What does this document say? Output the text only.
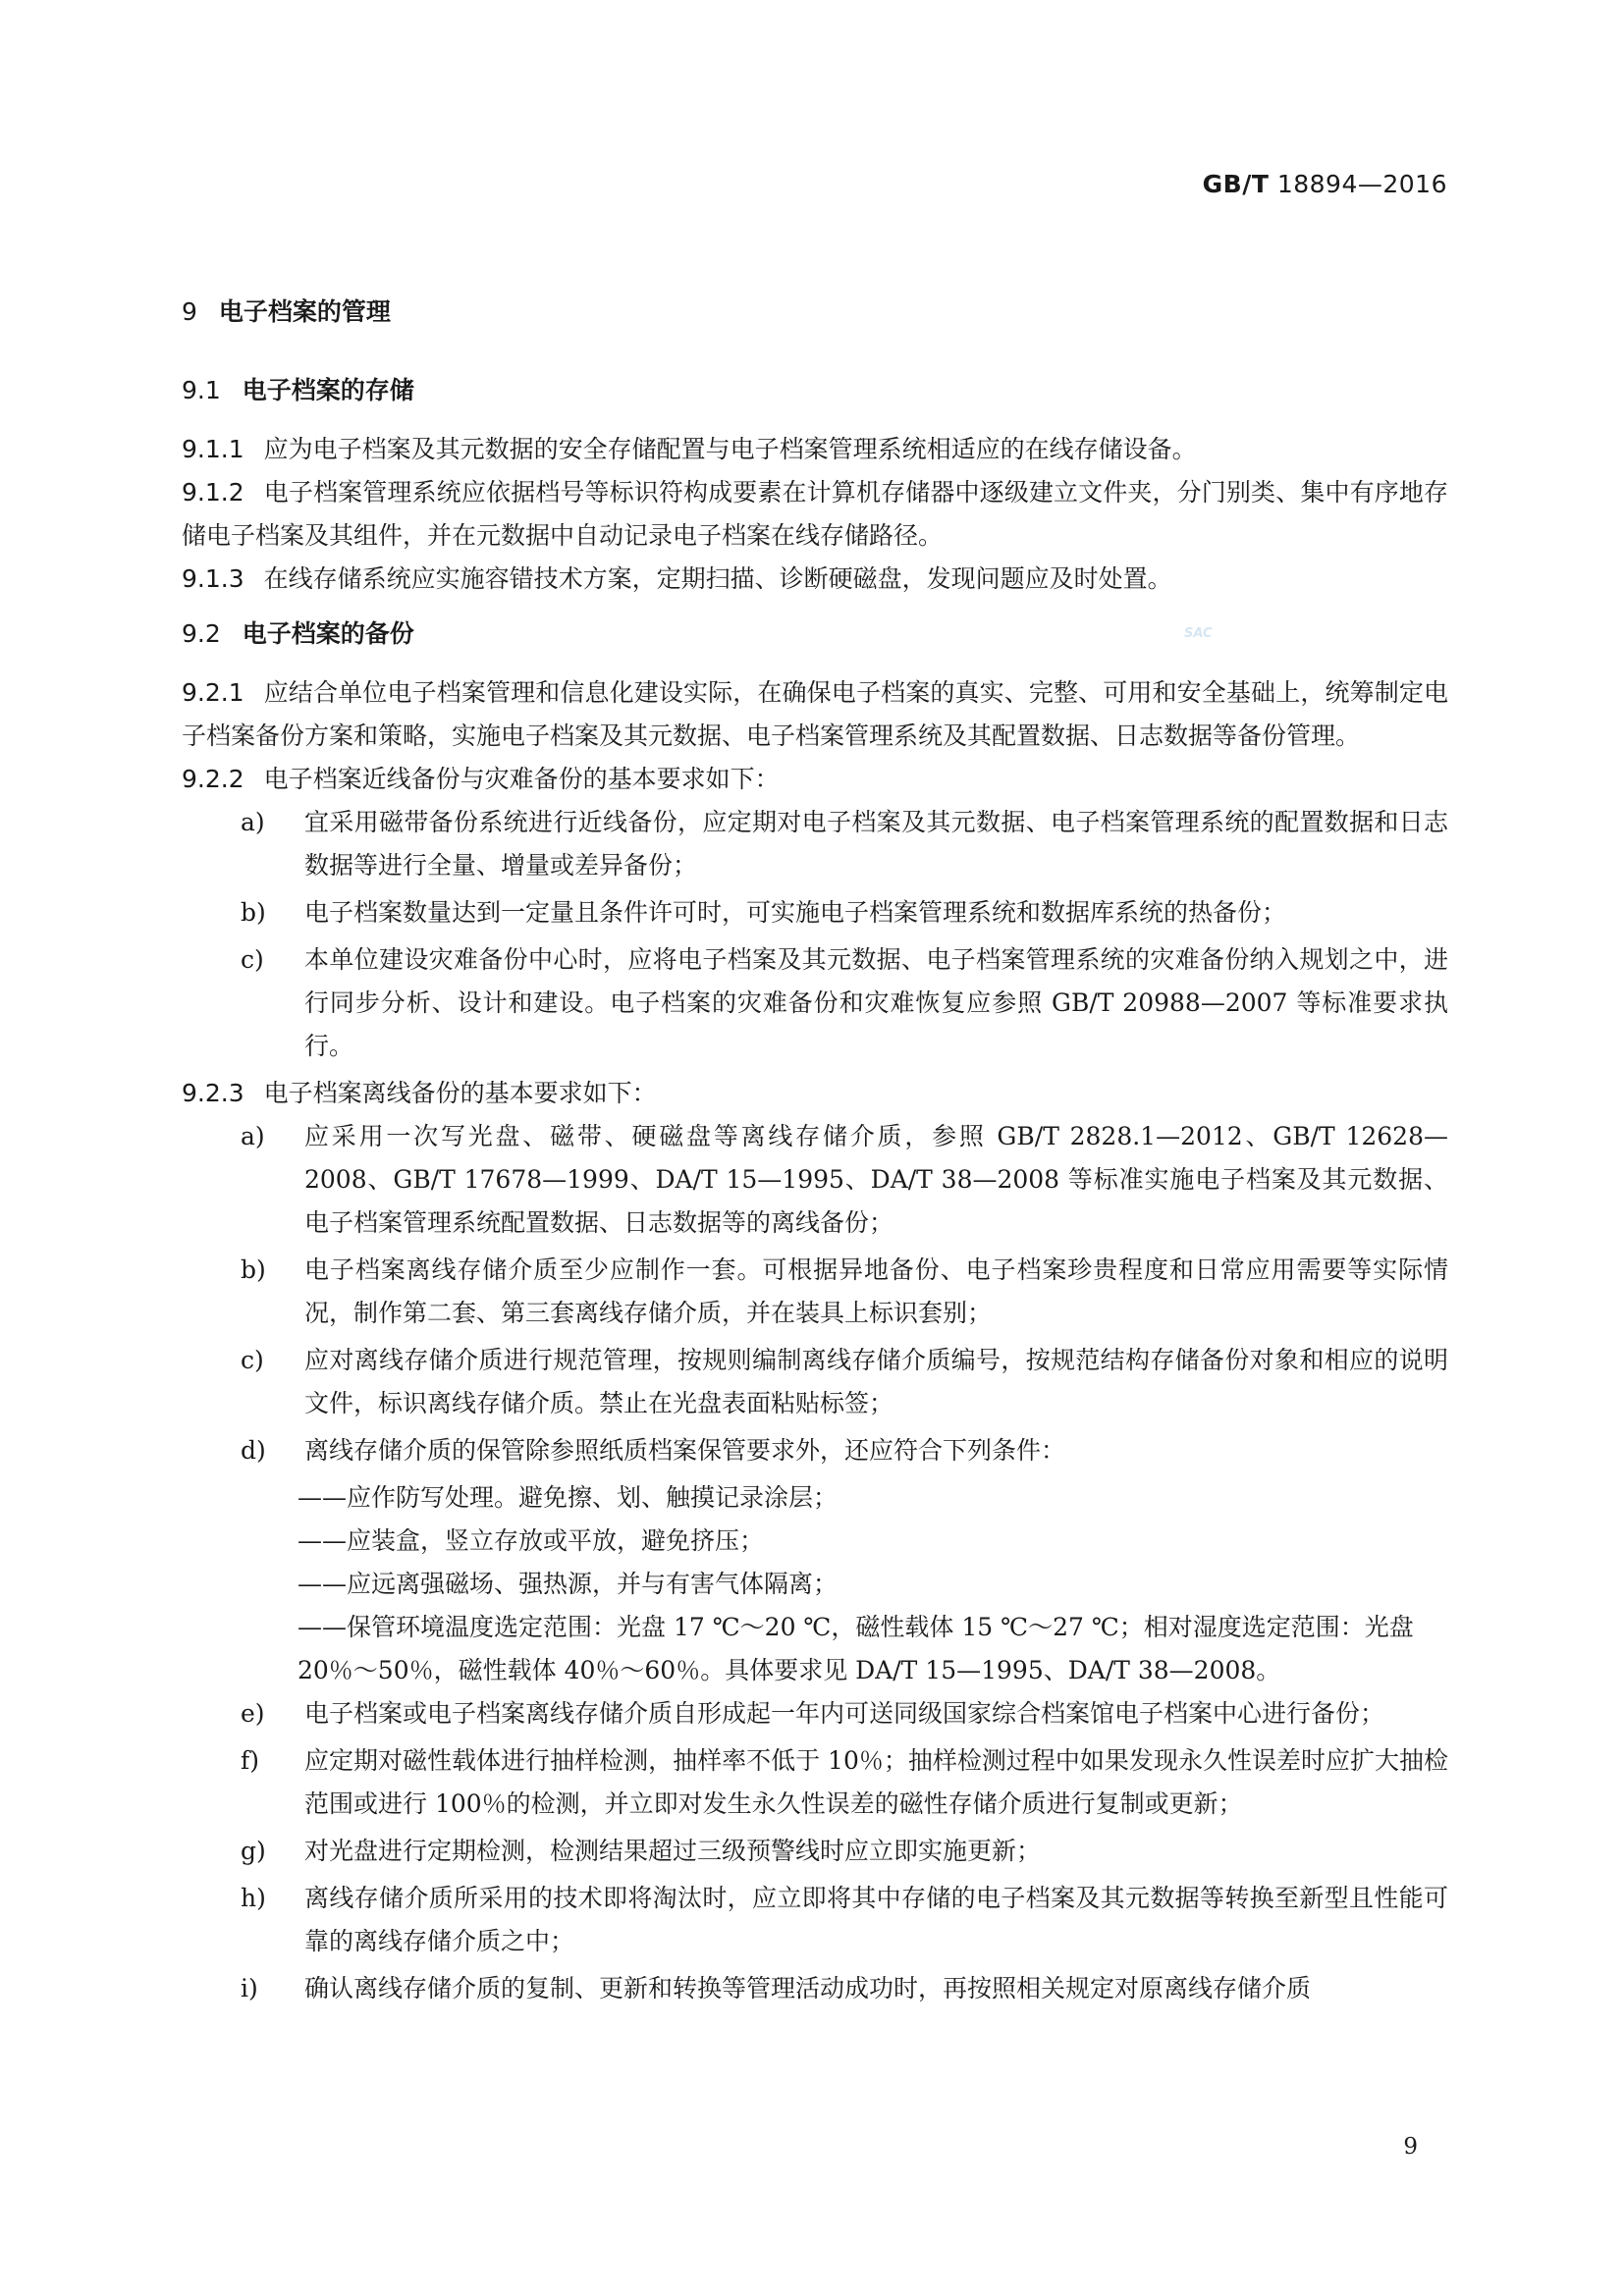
GB/T 18894—2016
SAC
9 电子档案的管理
9.1 电子档案的存储

9.1.1 应为电子档案及其元数据的安全存储配置与电子档案管理系统相适应的在线存储设备。

9.1.2 电子档案管理系统应依据档号等标识符构成要素在计算机存储器中逐级建立文件夹，分门别类、集中有序地存储电子档案及其组件，并在元数据中自动记录电子档案在线存储路径。

9.1.3 在线存储系统应实施容错技术方案，定期扫描、诊断硬磁盘，发现问题应及时处置。

9.2 电子档案的备份

9.2.1 应结合单位电子档案管理和信息化建设实际，在确保电子档案的真实、完整、可用和安全基础上，统筹制定电子档案备份方案和策略，实施电子档案及其元数据、电子档案管理系统及其配置数据、日志数据等备份管理。

9.2.2 电子档案近线备份与灾难备份的基本要求如下：

a)	宜采用磁带备份系统进行近线备份，应定期对电子档案及其元数据、电子档案管理系统的配置数据和日志数据等进行全量、增量或差异备份；
b)	电子档案数量达到一定量且条件许可时，可实施电子档案管理系统和数据库系统的热备份；
c)	本单位建设灾难备份中心时，应将电子档案及其元数据、电子档案管理系统的灾难备份纳入规划之中，进行同步分析、设计和建设。电子档案的灾难备份和灾难恢复应参照 GB/T 20988—2007 等标准要求执行。

9.2.3 电子档案离线备份的基本要求如下：

a)	应采用一次写光盘、磁带、硬磁盘等离线存储介质，参照 GB/T 2828.1—2012、GB/T 12628—2008、GB/T 17678—1999、DA/T 15—1995、DA/T 38—2008 等标准实施电子档案及其元数据、电子档案管理系统配置数据、日志数据等的离线备份；
b)	电子档案离线存储介质至少应制作一套。可根据异地备份、电子档案珍贵程度和日常应用需要等实际情况，制作第二套、第三套离线存储介质，并在装具上标识套别；
c)	应对离线存储介质进行规范管理，按规则编制离线存储介质编号，按规范结构存储备份对象和相应的说明文件，标识离线存储介质。禁止在光盘表面粘贴标签；
d)	离线存储介质的保管除参照纸质档案保管要求外，还应符合下列条件：

——应作防写处理。避免擦、划、触摸记录涂层；

——应装盒，竖立存放或平放，避免挤压；

——应远离强磁场、强热源，并与有害气体隔离；

——保管环境温度选定范围：光盘 17 ℃～20 ℃，磁性载体 15 ℃～27 ℃；相对湿度选定范围：光盘 20％～50％，磁性载体 40％～60％。具体要求见 DA/T 15—1995、DA/T 38—2008。

e)	电子档案或电子档案离线存储介质自形成起一年内可送同级国家综合档案馆电子档案中心进行备份；
f)	应定期对磁性载体进行抽样检测，抽样率不低于 10％；抽样检测过程中如果发现永久性误差时应扩大抽检范围或进行 100％的检测，并立即对发生永久性误差的磁性存储介质进行复制或更新；
g)	对光盘进行定期检测，检测结果超过三级预警线时应立即实施更新；
h)	离线存储介质所采用的技术即将淘汰时，应立即将其中存储的电子档案及其元数据等转换至新型且性能可靠的离线存储介质之中；
i)	确认离线存储介质的复制、更新和转换等管理活动成功时，再按照相关规定对原离线存储介质
9
